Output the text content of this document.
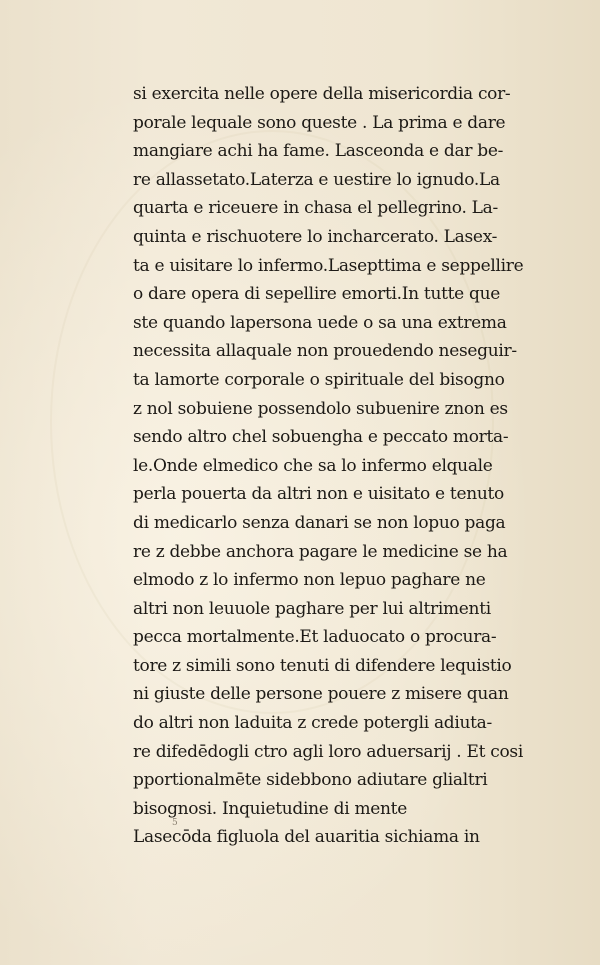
si exercita nelle opere della misericordia cor-
porale lequale sono queste . La prima e dare
mangiare achi ha fame. Lasceonda e dar be-
re allassetato.Laterza e uestire lo ignudo.La
quarta e riceuere in chasa el pellegrino. La-
quinta e rischuotere lo incharcerato. Lasex-
ta e uisitare lo infermo.Lasepttima e seppellire
o dare opera di sepellire emorti.In tutte que
ste quando lapersona uede o sa una extrema
necessita allaquale non prouedendo neseguir-
ta lamorte corporale o spirituale del bisogno
z nol sobuiene possendolo subuenire znon es
sendo altro chel sobuengha e peccato morta-
le.Onde elmedico che sa lo infermo elquale
perla pouerta da altri non e uisitato e tenuto
di medicarlo senza danari se non lopuo paga
re z debbe anchora pagare le medicine se ha
elmodo z lo infermo non lepuo paghare ne
altri non leuuole paghare per lui altrimenti
pecca mortalmente.Et laduocato o procura-
tore z simili sono tenuti di difendere lequistio
ni giuste delle persone pouere z misere quan
do altri non laduita z crede potergli adiuta-
re difedēdogli ctro agli loro aduersarij . Et cosi
pportionalmēte sidebbono adiutare glialtri
bisognosi. Inquietudine di mente
Lasecōda figluola del auaritia sichiama in
5
